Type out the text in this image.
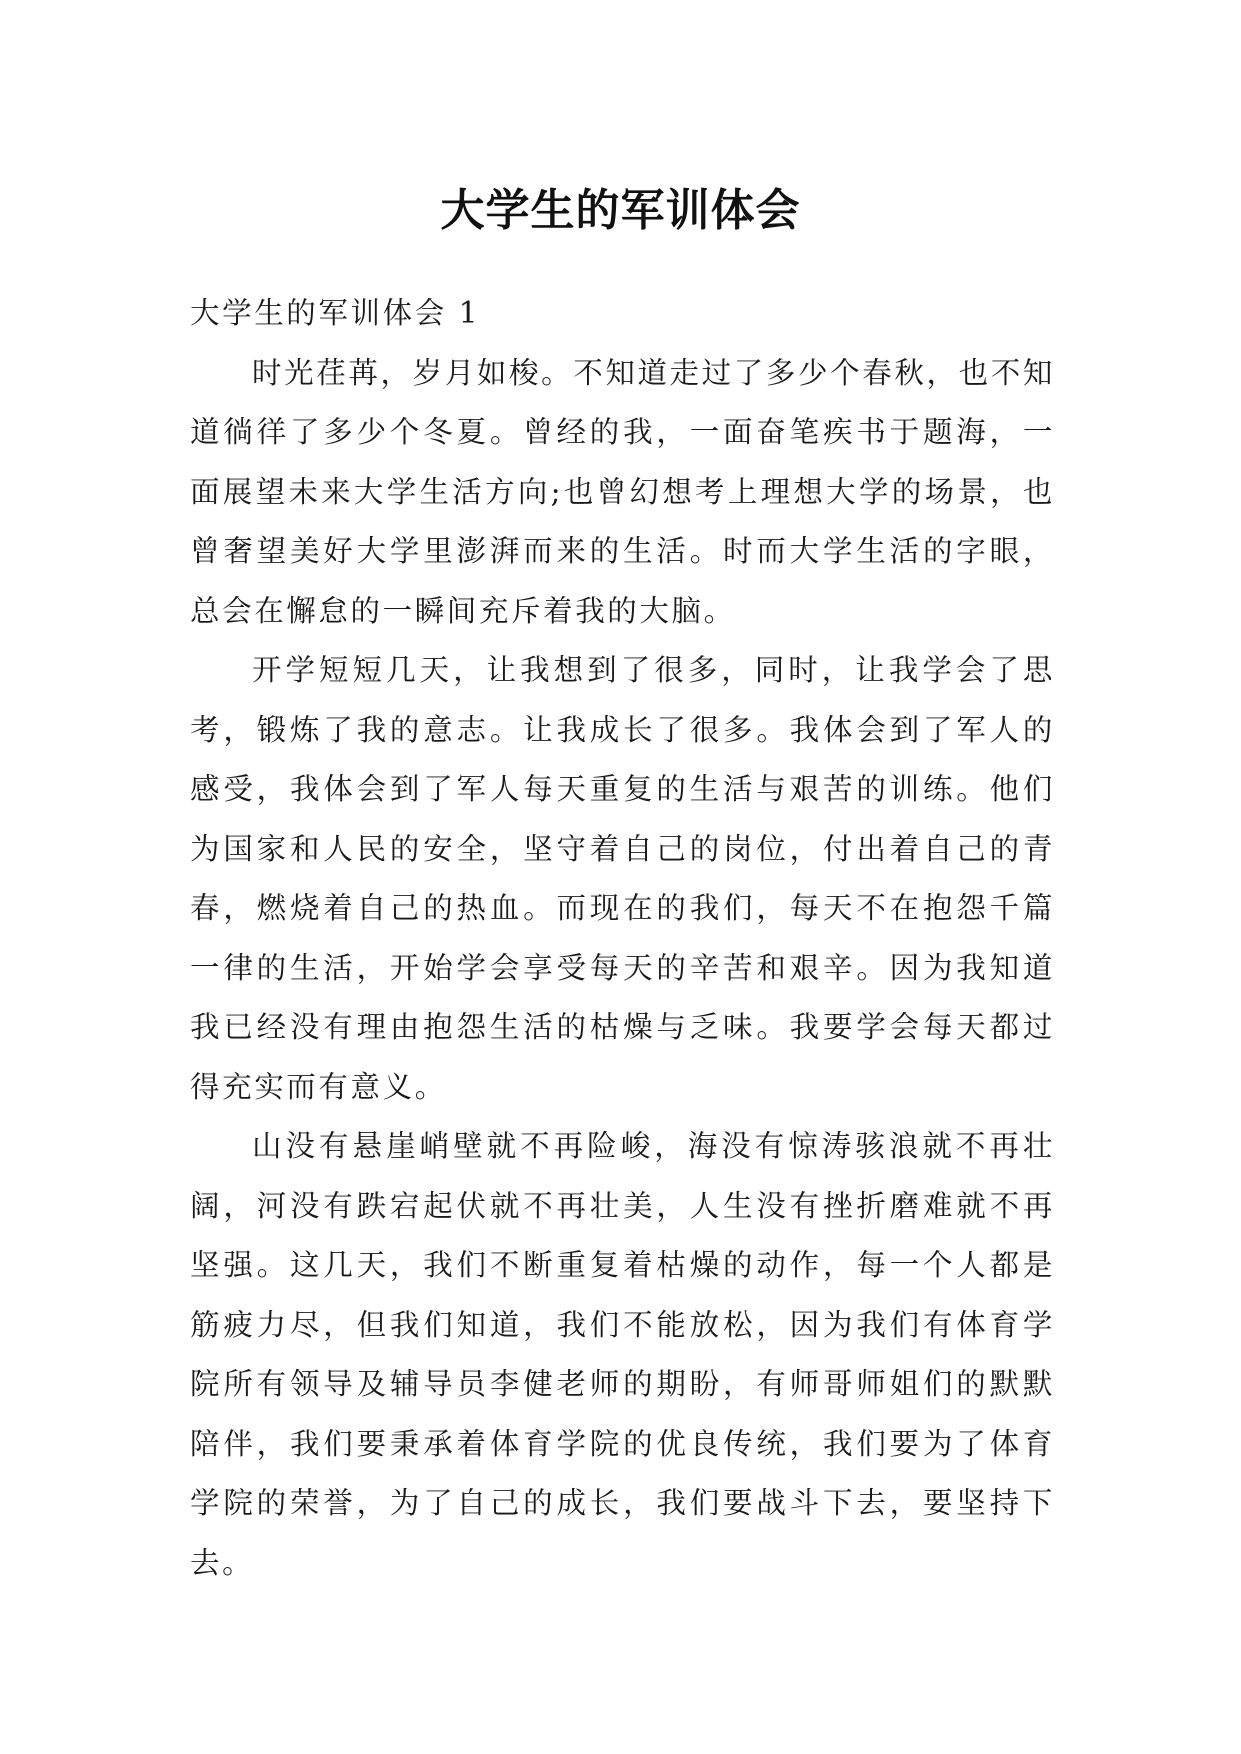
大学生的军训体会

大学生的军训体会 1

时光荏苒，岁月如梭。不知道走过了多少个春秋，也不知道徜徉了多少个冬夏。曾经的我，一面奋笔疾书于题海，一面展望未来大学生活方向;也曾幻想考上理想大学的场景，也曾奢望美好大学里澎湃而来的生活。时而大学生活的字眼，总会在懈怠的一瞬间充斥着我的大脑。

开学短短几天，让我想到了很多，同时，让我学会了思考，锻炼了我的意志。让我成长了很多。我体会到了军人的感受，我体会到了军人每天重复的生活与艰苦的训练。他们为国家和人民的安全，坚守着自己的岗位，付出着自己的青春，燃烧着自己的热血。而现在的我们，每天不在抱怨千篇一律的生活，开始学会享受每天的辛苦和艰辛。因为我知道我已经没有理由抱怨生活的枯燥与乏味。我要学会每天都过得充实而有意义。

山没有悬崖峭壁就不再险峻，海没有惊涛骇浪就不再壮阔，河没有跌宕起伏就不再壮美，人生没有挫折磨难就不再坚强。这几天，我们不断重复着枯燥的动作，每一个人都是筋疲力尽，但我们知道，我们不能放松，因为我们有体育学院所有领导及辅导员李健老师的期盼，有师哥师姐们的默默陪伴，我们要秉承着体育学院的优良传统，我们要为了体育学院的荣誉，为了自己的成长，我们要战斗下去，要坚持下去。
